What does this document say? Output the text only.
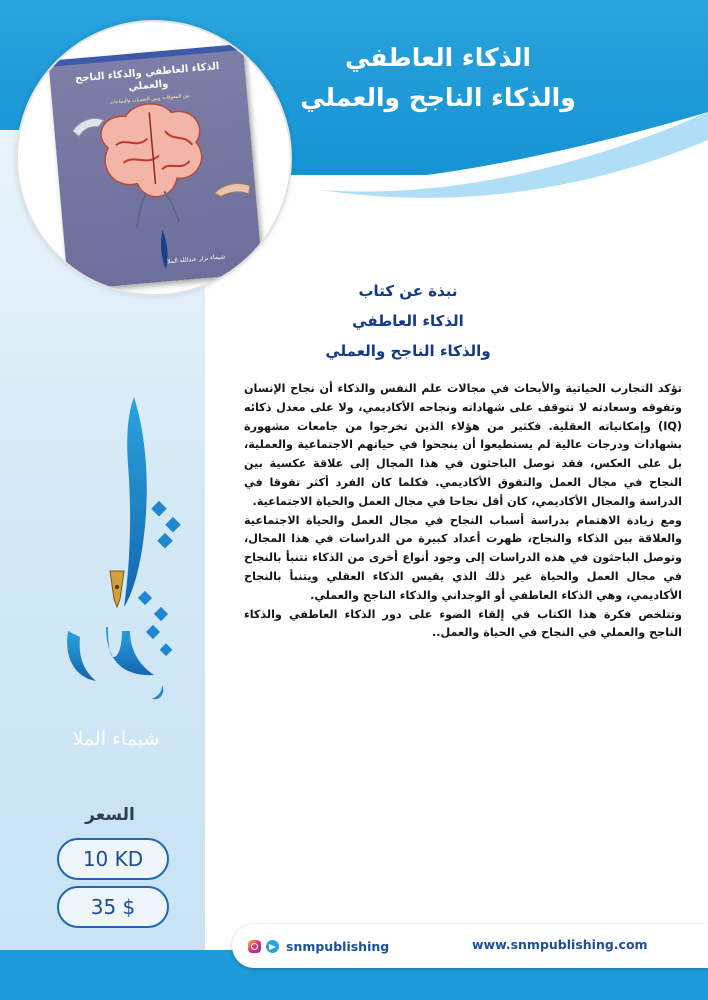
الذكاء العاطفي
والذكاء الناجح والعملي
الذكاء العاطفي والذكاء الناجح والعملي
بين المعوقات وبين التحديات والنجاحات
شيماء نزار عبدالله الملا
نبذة عن كتاب
الذكاء العاطفي
والذكاء الناجح والعملي

تؤكد التجارب الحياتية والأبحاث في مجالات علم النفس والذكاء أن نجاح الإنسان وتفوقه وسعادته لا تتوقف على شهاداته ونجاحه الأكاديمي، ولا على معدل ذكائه (IQ) وإمكانياته العقلية. فكثير من هؤلاء الذين تخرجوا من جامعات مشهورة بشهادات ودرجات عالية لم يستطيعوا أن ينجحوا في حياتهم الاجتماعية والعملية، بل على العكس، فقد توصل الباحثون في هذا المجال إلى علاقة عكسية بين النجاح في مجال العمل والتفوق الأكاديمي. فكلما كان الفرد أكثر تفوقا في الدراسة والمجال الأكاديمي، كان أقل نجاحا في مجال العمل والحياة الاجتماعية.

ومع زيادة الاهتمام بدراسة أسباب النجاح في مجال العمل والحياة الاجتماعية والعلاقة بين الذكاء والنجاح، ظهرت أعداد كبيرة من الدراسات في هذا المجال، وتوصل الباحثون في هذه الدراسات إلى وجود أنواع أخرى من الذكاء تتنبأ بالنجاح في مجال العمل والحياة غير ذلك الذي يقيس الذكاء العقلي ويتنبأ بالنجاح الأكاديمي، وهي الذكاء العاطفي أو الوجداني والذكاء الناجح والعملي.

وتتلخص فكرة هذا الكتاب في إلقاء الضوء على دور الذكاء العاطفي والذكاء الناجح والعملي في النجاح في الحياة والعمل..

شيماء الملا
السعر
10 KD
35 $
snmpublishing	www.snmpublishing.com
